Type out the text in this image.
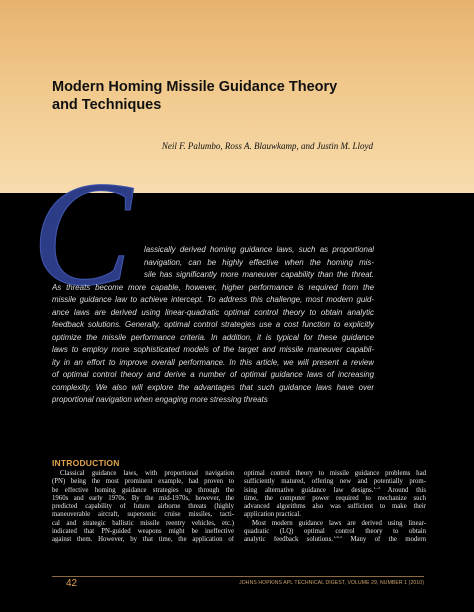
Modern Homing Missile Guidance Theory
and Techniques
Neil F. Palumbo, Ross A. Blauwkamp, and Justin M. Lloyd
C	lassically derived homing guidance laws, such as proportional
navigation, can be highly effective when the homing mis-
sile has significantly more maneuver capability than the threat.
As threats become more capable, however, higher performance is required from the
missile guidance law to achieve intercept. To address this challenge, most modern guid-
ance laws are derived using linear-quadratic optimal control theory to obtain analytic
feedback solutions. Generally, optimal control strategies use a cost function to explicitly
optimize the missile performance criteria. In addition, it is typical for these guidance
laws to employ more sophisticated models of the target and missile maneuver capabil-
ity in an effort to improve overall performance. In this article, we will present a review
of optimal control theory and derive a number of optimal guidance laws of increasing
complexity. We also will explore the advantages that such guidance laws have over
proportional navigation when engaging more stressing threats
INTRODUCTION
Classical guidance laws, with proportional navigation
(PN) being the most prominent example, had proven to
be effective homing guidance strategies up through the
1960s and early 1970s. By the mid-1970s, however, the
predicted capability of future airborne threats (highly
maneuverable aircraft, supersonic cruise missiles, tacti-
cal and strategic ballistic missile reentry vehicles, etc.)
indicated that PN-guided weapons might be ineffective
against them. However, by that time, the application of
optimal control theory to missile guidance problems had
sufficiently matured, offering new and potentially prom-
ising alternative guidance law designs.$^{1-3}$ Around this
time, the computer power required to mechanize such
advanced algorithms also was sufficient to make their
application practical.
Most modern guidance laws are derived using linear-
quadratic (LQ) optimal control theory to obtain
analytic feedback solutions.$^{1,4,5}$ Many of the modern
42	JOHNS HOPKINS APL TECHNICAL DIGEST, VOLUME 29, NUMBER 1 (2010)
